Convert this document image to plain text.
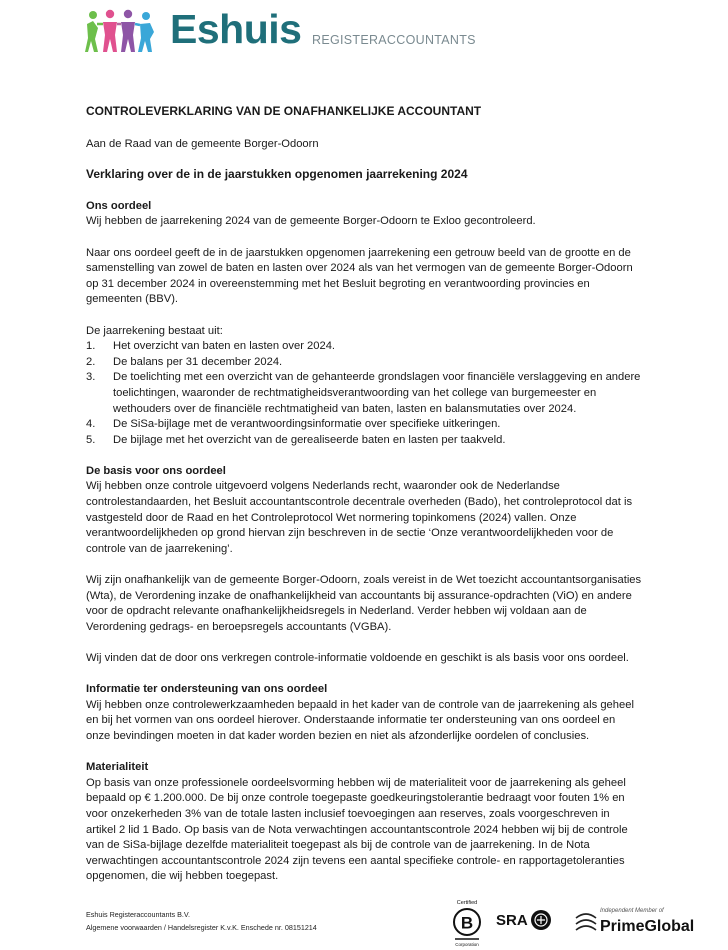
Eshuis REGISTERACCOUNTANTS
CONTROLEVERKLARING VAN DE ONAFHANKELIJKE ACCOUNTANT
Aan de Raad van de gemeente Borger-Odoorn
Verklaring over de in de jaarstukken opgenomen jaarrekening 2024
Ons oordeel

Wij hebben de jaarrekening 2024 van de gemeente Borger-Odoorn te Exloo gecontroleerd.

Naar ons oordeel geeft de in de jaarstukken opgenomen jaarrekening een getrouw beeld van de grootte en de samenstelling van zowel de baten en lasten over 2024 als van het vermogen van de gemeente Borger-Odoorn op 31 december 2024 in overeenstemming met het Besluit begroting en verantwoording provincies en gemeenten (BBV).

De jaarrekening bestaat uit:

1. Het overzicht van baten en lasten over 2024.
2. De balans per 31 december 2024.
3. De toelichting met een overzicht van de gehanteerde grondslagen voor financiële verslaggeving en andere toelichtingen, waaronder de rechtmatigheidsverantwoording van het college van burgemeester en wethouders over de financiële rechtmatigheid van baten, lasten en balansmutaties over 2024.
4. De SiSa-bijlage met de verantwoordingsinformatie over specifieke uitkeringen.
5. De bijlage met het overzicht van de gerealiseerde baten en lasten per taakveld.
De basis voor ons oordeel

Wij hebben onze controle uitgevoerd volgens Nederlands recht, waaronder ook de Nederlandse controlestandaarden, het Besluit accountantscontrole decentrale overheden (Bado), het controleprotocol dat is vastgesteld door de Raad en het Controleprotocol Wet normering topinkomens (2024) vallen. Onze verantwoordelijkheden op grond hiervan zijn beschreven in de sectie ‘Onze verantwoordelijkheden voor de controle van de jaarrekening’.

Wij zijn onafhankelijk van de gemeente Borger-Odoorn, zoals vereist in de Wet toezicht accountantsorganisaties (Wta), de Verordening inzake de onafhankelijkheid van accountants bij assurance-opdrachten (ViO) en andere voor de opdracht relevante onafhankelijkheidsregels in Nederland. Verder hebben wij voldaan aan de Verordening gedrags- en beroepsregels accountants (VGBA).

Wij vinden dat de door ons verkregen controle-informatie voldoende en geschikt is als basis voor ons oordeel.

Informatie ter ondersteuning van ons oordeel

Wij hebben onze controlewerkzaamheden bepaald in het kader van de controle van de jaarrekening als geheel en bij het vormen van ons oordeel hierover. Onderstaande informatie ter ondersteuning van ons oordeel en onze bevindingen moeten in dat kader worden bezien en niet als afzonderlijke oordelen of conclusies.

Materialiteit

Op basis van onze professionele oordeelsvorming hebben wij de materialiteit voor de jaarrekening als geheel bepaald op € 1.200.000. De bij onze controle toegepaste goedkeuringstolerantie bedraagt voor fouten 1% en voor onzekerheden 3% van de totale lasten inclusief toevoegingen aan reserves, zoals voorgeschreven in artikel 2 lid 1 Bado. Op basis van de Nota verwachtingen accountantscontrole 2024 hebben wij bij de controle van de SiSa-bijlage dezelfde materialiteit toegepast als bij de controle van de jaarrekening. In de Nota verwachtingen accountantscontrole 2024 zijn tevens een aantal specifieke controle- en rapportagetoleranties opgenomen, die wij hebben toegepast.

Eshuis Registeraccountants B.V.
Algemene voorwaarden / Handelsregister K.v.K. Enschede nr. 08151214
Certified
B
Corporation
SRA
Independent Member of
PrimeGlobal
